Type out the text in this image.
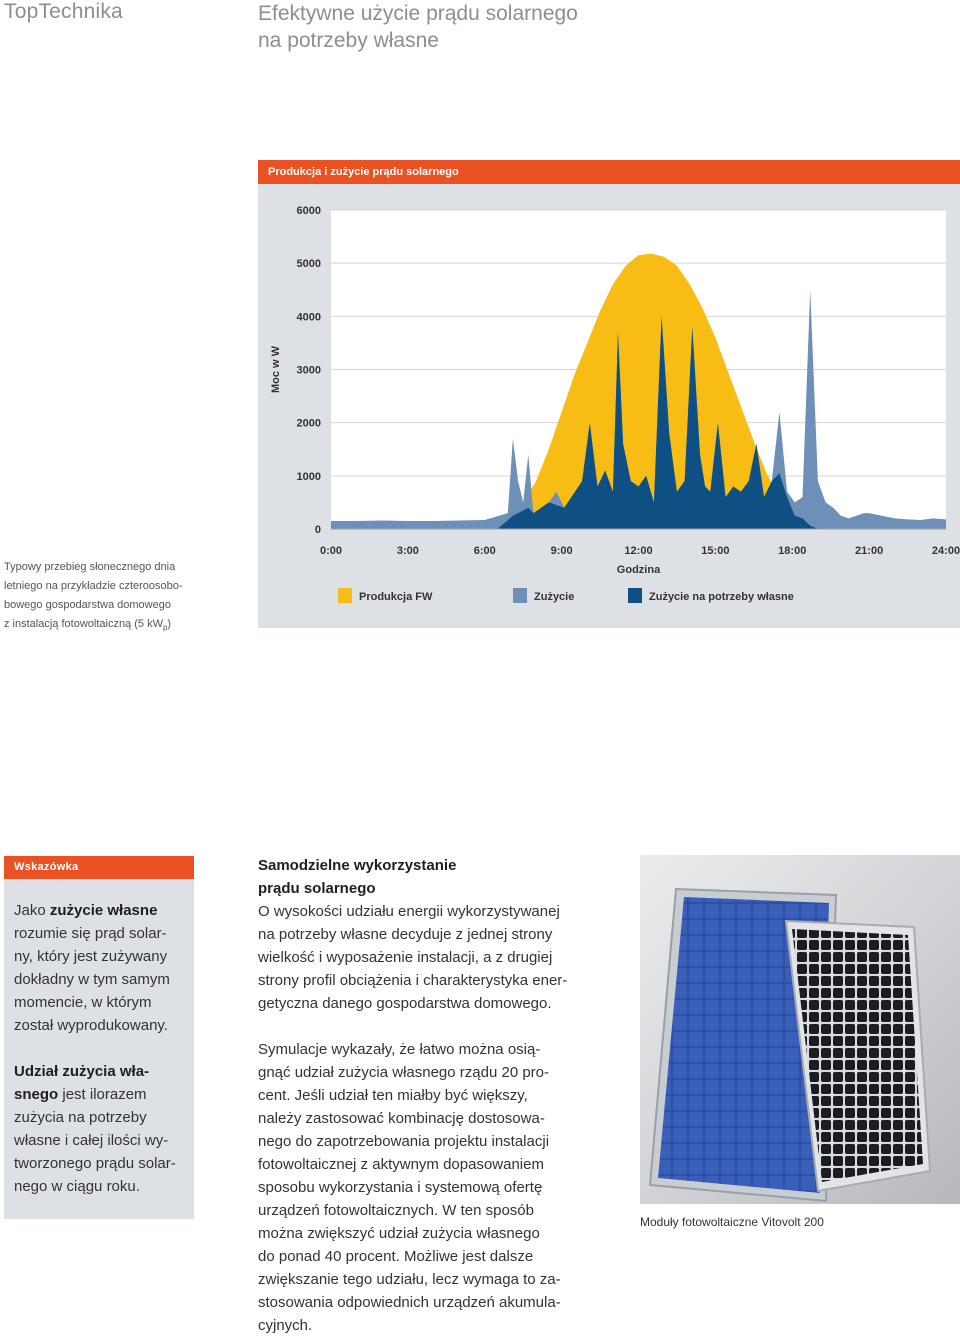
TopTechnika	Efektywne użycie prądu solarnego
na potrzeby własne
0
1000
2000
3000
4000
5000
6000
0:00	3:00	6:00	9:00	12:00	15:00	18:00	21:00	24:00
Godzina
Moc w W
Produkcja FW	Zużycie	Zużycie na potrzeby własne
Produkcja i zużycie prądu solarnego
Typowy przebieg słonecznego dnia
letniego na przykładzie czteroosobo-
bowego gospodarstwa domowego
z instalacją fotowoltaiczną (5 $kW_p$)
Wskazówka
Jako zużycie własne
rozumie się prąd solar-
ny, który jest zużywany
dokładny w tym samym
momencie, w którym
został wyprodukowany.
Udział zużycia wła-
snego jest ilorazem
zużycia na potrzeby
własne i całej ilości wy-
tworzonego prądu solar-
nego w ciągu roku.
Samodzielne wykorzystanie
prądu solarnego
O wysokości udziału energii wykorzystywanej
na potrzeby własne decyduje z jednej strony
wielkość i wyposażenie instalacji, a z drugiej
strony profil obciążenia i charakterystyka ener-
getyczna danego gospodarstwa domowego.
Symulacje wykazały, że łatwo można osią-
gnąć udział zużycia własnego rządu 20 pro-
cent. Jeśli udział ten miałby być większy,
należy zastosować kombinację dostosowa-
nego do zapotrzebowania projektu instalacji
fotowoltaicznej z aktywnym dopasowaniem
sposobu wykorzystania i systemową ofertę
urządzeń fotowoltaicznych. W ten sposób
można zwiększyć udział zużycia własnego
do ponad 40 procent. Możliwe jest dalsze
zwiększanie tego udziału, lecz wymaga to za-
stosowania odpowiednich urządzeń akumula-
cyjnych.
Moduły fotowoltaiczne Vitovolt 200
